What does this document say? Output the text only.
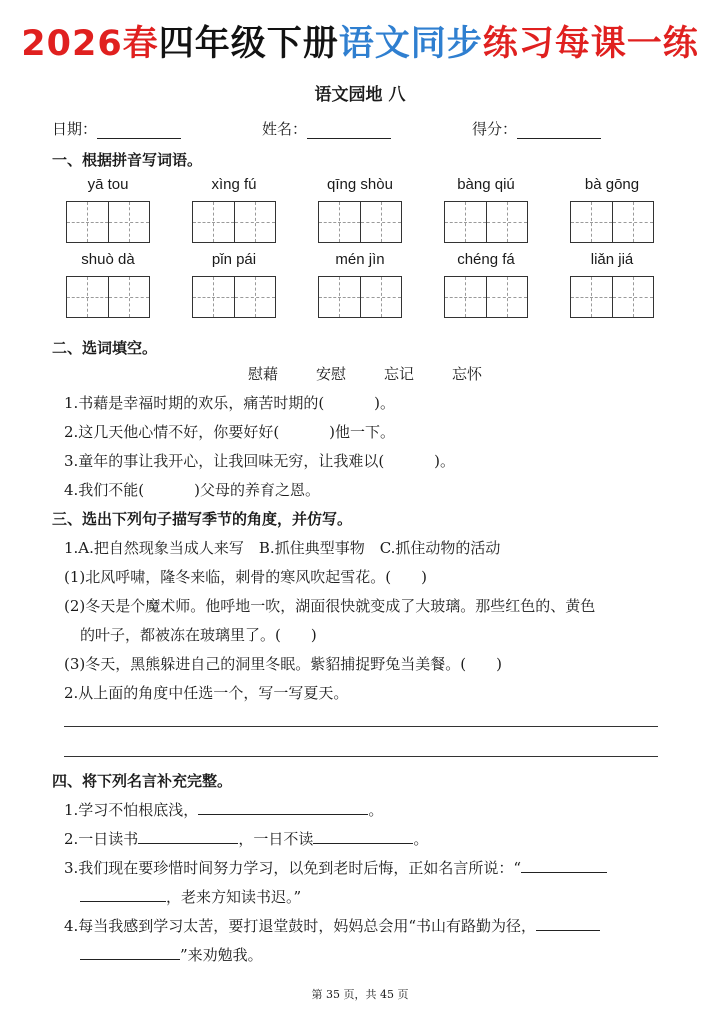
2026春四年级下册语文同步练习每课一练
语文园地 八
日期：	姓名：	得分：
一、根据拼音写词语。
yā tou	xìng fú	qīng shòu	bàng qiú	bà gōng
shuò dà	pǐn pái	mén jìn	chéng fá	liǎn jiá
二、选词填空。
慰藉	安慰	忘记	忘怀
1.书藉是幸福时期的欢乐，痛苦时期的(	)。
2.这几天他心情不好，你要好好(	)他一下。
3.童年的事让我开心，让我回味无穷，让我难以(	)。
4.我们不能(	)父母的养育之恩。
三、选出下列句子描写季节的角度，并仿写。
1.A.把自然现象当成人来写　B.抓住典型事物　C.抓住动物的活动
(1)北风呼啸，隆冬来临，刺骨的寒风吹起雪花。(　　)
(2)冬天是个魔术师。他呼地一吹，湖面很快就变成了大玻璃。那些红色的、黄色
的叶子，都被冻在玻璃里了。(　　)
(3)冬天，黑熊躲进自己的洞里冬眠。紫貂捕捉野兔当美餐。(　　)
2.从上面的角度中任选一个，写一写夏天。
四、将下列名言补充完整。
1.学习不怕根底浅，	。
2.一日读书	，一日不读	。
3.我们现在要珍惜时间努力学习，以免到老时后悔，正如名言所说：“
，老来方知读书迟。”
4.每当我感到学习太苦，要打退堂鼓时，妈妈总会用“书山有路勤为径，
”来劝勉我。
第 35 页，共 45 页
